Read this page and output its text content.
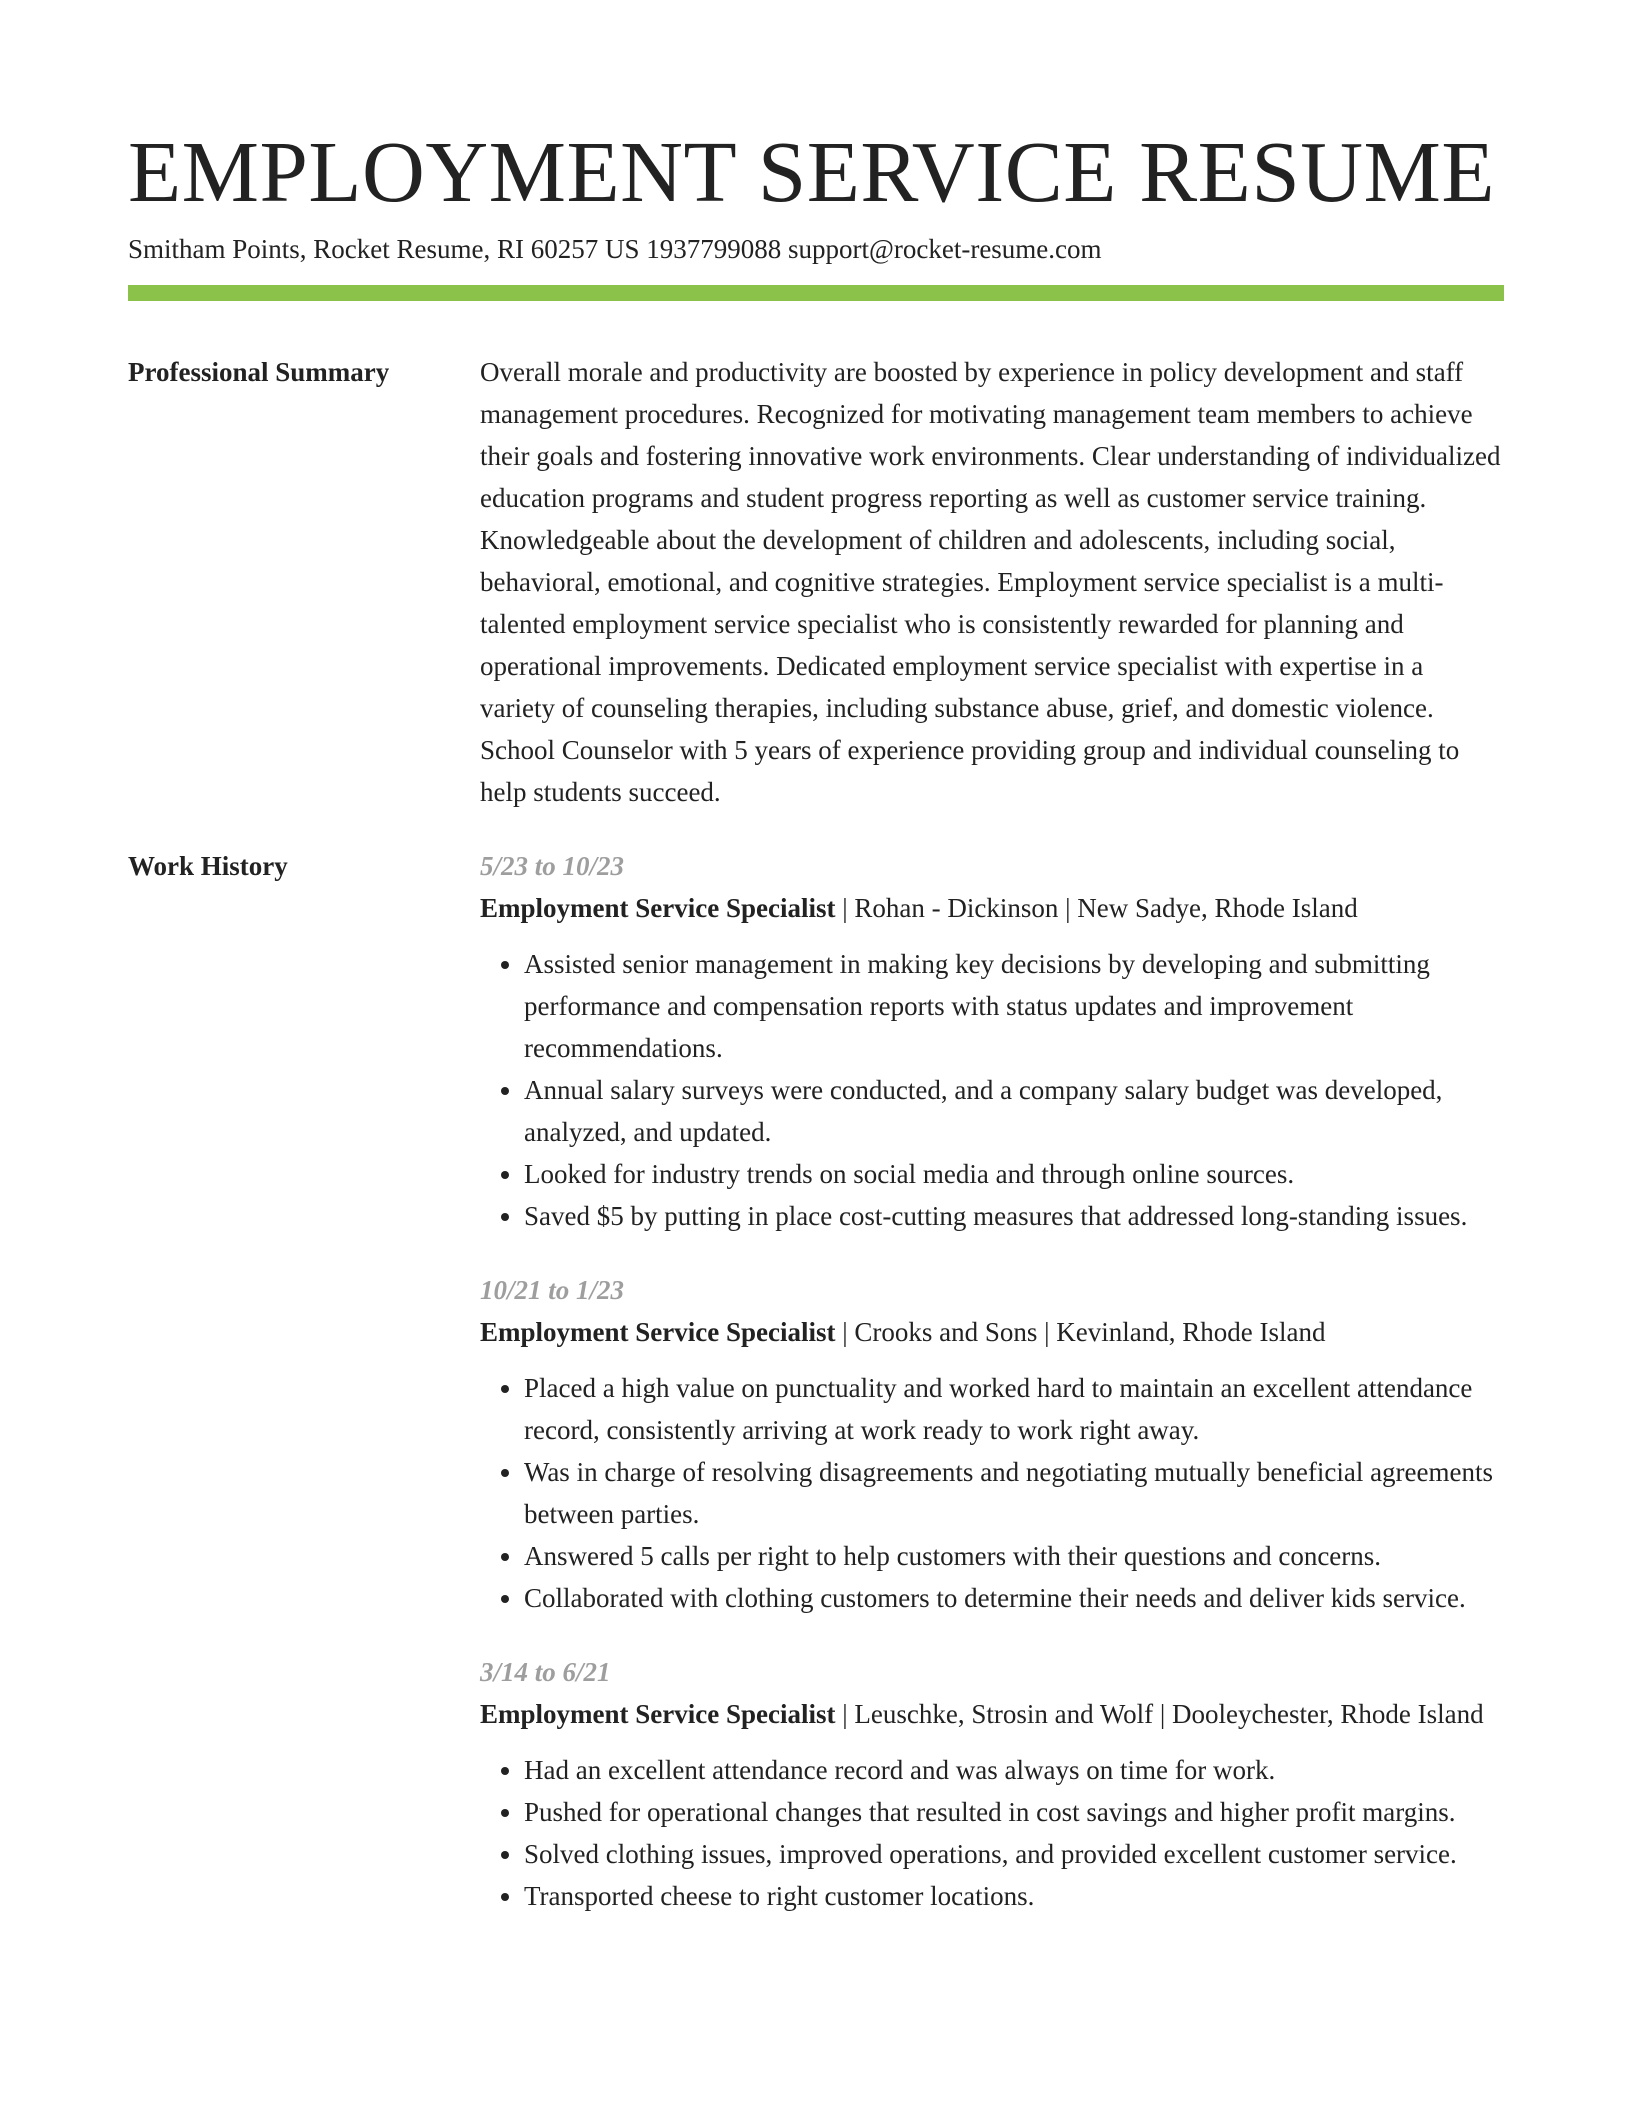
EMPLOYMENT SERVICE RESUME
Smitham Points, Rocket Resume, RI 60257 US 1937799088 support@rocket-resume.com
Professional Summary	Overall morale and productivity are boosted by experience in policy development and staff management procedures. Recognized for motivating management team members to achieve their goals and fostering innovative work environments. Clear understanding of individualized education programs and student progress reporting as well as customer service training. Knowledgeable about the development of children and adolescents, including social, behavioral, emotional, and cognitive strategies. Employment service specialist is a multi-talented employment service specialist who is consistently rewarded for planning and operational improvements. Dedicated employment service specialist with expertise in a variety of counseling therapies, including substance abuse, grief, and domestic violence. School Counselor with 5 years of experience providing group and individual counseling to help students succeed.

Work History	5/23 to 10/23
Employment Service Specialist | Rohan - Dickinson | New Sadye, Rhode Island
• Assisted senior management in making key decisions by developing and submitting performance and compensation reports with status updates and improvement recommendations.
• Annual salary surveys were conducted, and a company salary budget was developed, analyzed, and updated.
• Looked for industry trends on social media and through online sources.
• Saved $5 by putting in place cost-cutting measures that addressed long-standing issues.
10/21 to 1/23
Employment Service Specialist | Crooks and Sons | Kevinland, Rhode Island
• Placed a high value on punctuality and worked hard to maintain an excellent attendance record, consistently arriving at work ready to work right away.
• Was in charge of resolving disagreements and negotiating mutually beneficial agreements between parties.
• Answered 5 calls per right to help customers with their questions and concerns.
• Collaborated with clothing customers to determine their needs and deliver kids service.
3/14 to 6/21
Employment Service Specialist | Leuschke, Strosin and Wolf | Dooleychester, Rhode Island
• Had an excellent attendance record and was always on time for work.
• Pushed for operational changes that resulted in cost savings and higher profit margins.
• Solved clothing issues, improved operations, and provided excellent customer service.
• Transported cheese to right customer locations.
